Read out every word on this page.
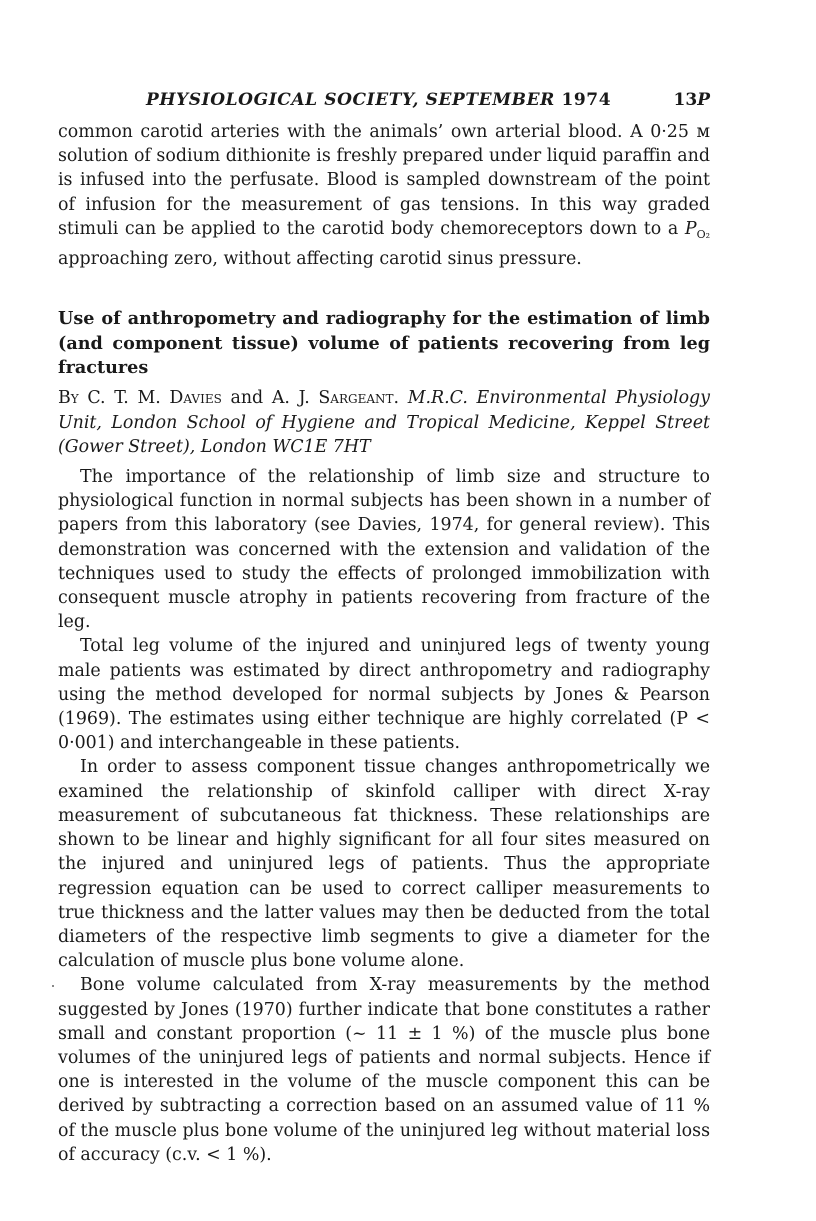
PHYSIOLOGICAL SOCIETY, SEPTEMBER 1974	13P

common carotid arteries with the animals’ own arterial blood. A 0·25 м solution of sodium dithionite is freshly prepared under liquid paraffin and is infused into the perfusate. Blood is sampled downstream of the point of infusion for the measurement of gas tensions. In this way graded stimuli can be applied to the carotid body chemoreceptors down to a $P_{O_2}$ approaching zero, without affecting carotid sinus pressure.

Use of anthropometry and radiography for the estimation of limb (and component tissue) volume of patients recovering from leg fractures

By C. T. M. Davies and A. J. Sargeant. M.R.C. Environmental Physiology Unit, London School of Hygiene and Tropical Medicine, Keppel Street (Gower Street), London WC1E 7HT

The importance of the relationship of limb size and structure to physiological function in normal subjects has been shown in a number of papers from this laboratory (see Davies, 1974, for general review). This demonstration was concerned with the extension and validation of the techniques used to study the effects of prolonged immobilization with consequent muscle atrophy in patients recovering from fracture of the leg.

Total leg volume of the injured and uninjured legs of twenty young male patients was estimated by direct anthropometry and radiography using the method developed for normal subjects by Jones & Pearson (1969). The estimates using either technique are highly correlated (P < 0·001) and interchangeable in these patients.

In order to assess component tissue changes anthropometrically we examined the relationship of skinfold calliper with direct X-ray measurement of subcutaneous fat thickness. These relationships are shown to be linear and highly significant for all four sites measured on the injured and uninjured legs of patients. Thus the appropriate regression equation can be used to correct calliper measurements to true thickness and the latter values may then be deducted from the total diameters of the respective limb segments to give a diameter for the calculation of muscle plus bone volume alone.

Bone volume calculated from X-ray measurements by the method suggested by Jones (1970) further indicate that bone constitutes a rather small and constant proportion (~ 11 ± 1 %) of the muscle plus bone volumes of the uninjured legs of patients and normal subjects. Hence if one is interested in the volume of the muscle component this can be derived by subtracting a correction based on an assumed value of 11 % of the muscle plus bone volume of the uninjured leg without material loss of accuracy (c.v. < 1 %).
